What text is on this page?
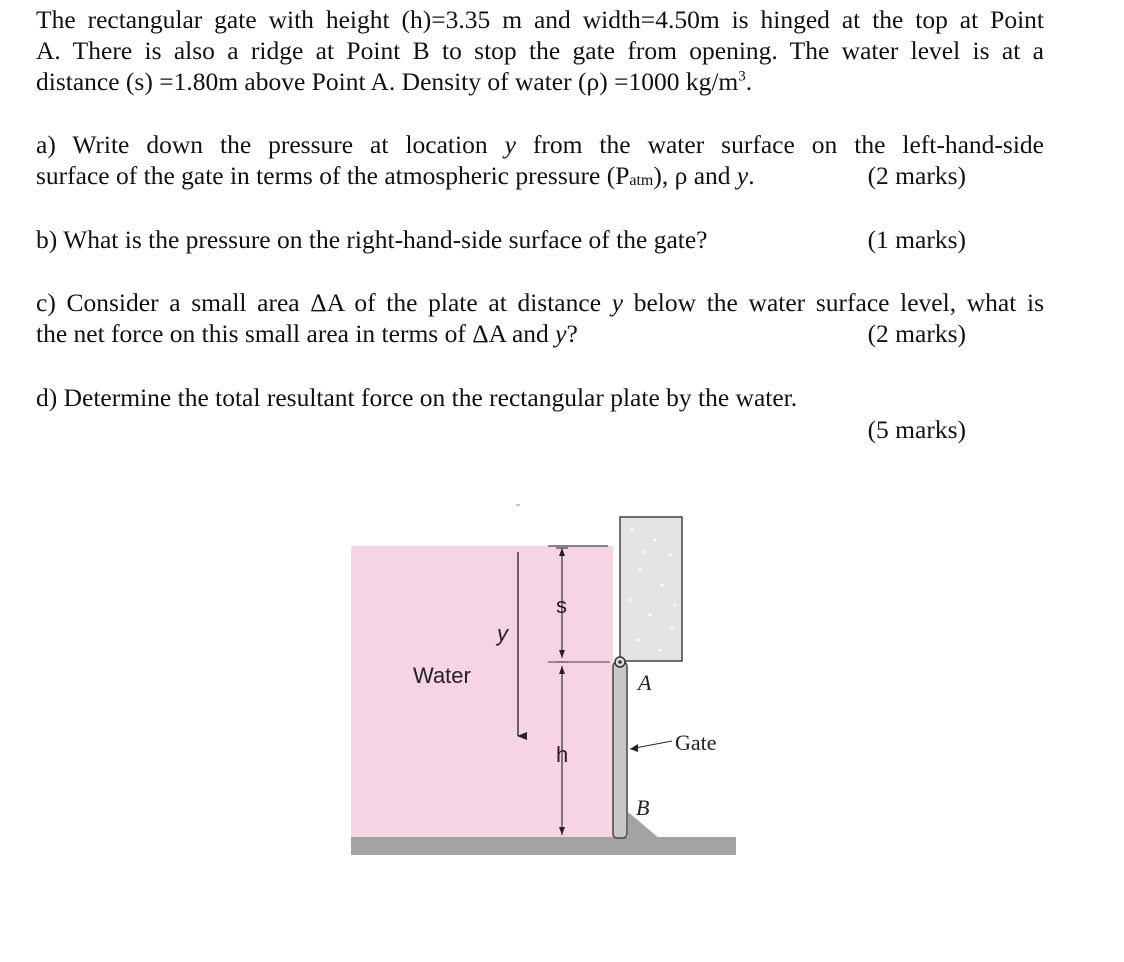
The rectangular gate with height (h)=3.35 m and width=4.50m is hinged at the top at Point

A. There is also a ridge at Point B to stop the gate from opening. The water level is at a

distance (s) =1.80m above Point A. Density of water (ρ) =1000 $kg/m^3$.

a) Write down the pressure at location y from the water surface on the left-hand-side

surface of the gate in terms of the atmospheric pressure $(P_{atm})$, ρ and y.	(2 marks)
b) What is the pressure on the right-hand-side surface of the gate?	(1 marks)

c) Consider a small area ΔA of the plate at distance y below the water surface level, what is

the net force on this small area in terms of ΔA and y?	(2 marks)
d) Determine the total resultant force on the rectangular plate by the water.
(5 marks)
Water
y
s
h
A
B
Gate
